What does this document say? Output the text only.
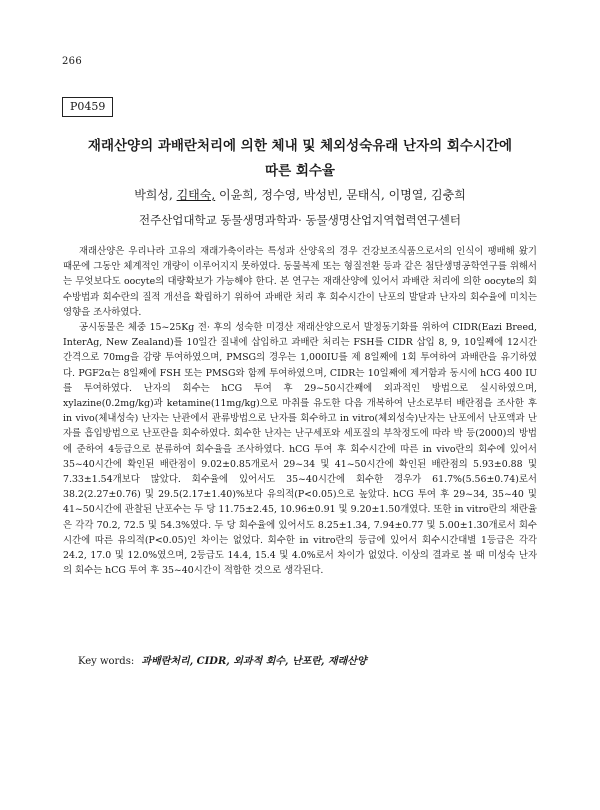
266
P0459
재래산양의 과배란처리에 의한 체내 및 체외성숙유래 난자의 회수시간에
따른 회수율
박희성, 김태숙, 이윤희, 정수영, 박성빈, 문태식, 이명열, 김충희
전주산업대학교 동물생명과학과· 동물생명산업지역협력연구센터

재래산양은 우리나라 고유의 재래가축이라는 특성과 산양육의 경우 건강보조식품으로서의 인식이 팽배해 왔기 때문에 그동안 체계적인 개량이 이루어지지 못하였다. 동물복제 또는 형질전환 등과 같은 첨단생명공학연구를 위해서는 무엇보다도 oocyte의 대량확보가 가능해야 한다. 본 연구는 재래산양에 있어서 과배란 처리에 의한 oocyte의 회수방법과 회수란의 질적 개선을 확립하기 위하여 과배란 처리 후 회수시간이 난포의 발달과 난자의 회수율에 미치는 영향을 조사하였다.

공시동물은 체중 15~25Kg 전· 후의 성숙한 미경산 재래산양으로서 발정동기화를 위하여 CIDR(Eazi Breed, InterAg, New Zealand)를 10일간 질내에 삽입하고 과배란 처리는 FSH를 CIDR 삽입 8, 9, 10일째에 12시간 간격으로 70mg을 감량 투여하였으며, PMSG의 경우는 1,000IU를 제 8일째에 1회 투여하여 과배란을 유기하였다. PGF2α는 8일째에 FSH 또는 PMSG와 함께 투여하였으며, CIDR는 10일째에 제거함과 동시에 hCG 400 IU를 투여하였다. 난자의 회수는 hCG 투여 후 29~50시간째에 외과적인 방법으로 실시하였으며, xylazine(0.2mg/kg)과 ketamine(11mg/kg)으로 마취를 유도한 다음 개복하여 난소로부터 배란점을 조사한 후 in vivo(체내성숙) 난자는 난관에서 관류방법으로 난자를 회수하고 in vitro(체외성숙)난자는 난포에서 난포액과 난자를 흡입방법으로 난포란을 회수하였다. 회수한 난자는 난구세포와 세포질의 부착정도에 따라 박 등(2000)의 방법에 준하여 4등급으로 분류하여 회수율을 조사하였다. hCG 투여 후 회수시간에 따른 in vivo란의 회수에 있어서 35~40시간에 확인된 배란점이 9.02±0.85개로서 29~34 및 41~50시간에 확인된 배란점의 5.93±0.88 및 7.33±1.54개보다 많았다. 회수율에 있어서도 35~40시간에 회수한 경우가 61.7%(5.56±0.74)로서 38.2(2.27±0.76) 및 29.5(2.17±1.40)%보다 유의적(P<0.05)으로 높았다. hCG 투여 후 29~34, 35~40 및 41~50시간에 관찰된 난포수는 두 당 11.75±2.45, 10.96±0.91 및 9.20±1.50개였다. 또한 in vitro란의 채란율은 각각 70.2, 72.5 및 54.3%였다. 두 당 회수율에 있어서도 8.25±1.34, 7.94±0.77 및 5.00±1.30개로서 회수시간에 따른 유의적(P<0.05)인 차이는 없었다. 회수한 in vitro란의 등급에 있어서 회수시간대별 1등급은 각각 24.2, 17.0 및 12.0%였으며, 2등급도 14.4, 15.4 및 4.0%로서 차이가 없었다. 이상의 결과로 볼 때 미성숙 난자의 회수는 hCG 투여 후 35~40시간이 적합한 것으로 생각된다.

Key words: 과배란처리, CIDR, 외과적 회수, 난포란, 재래산양
